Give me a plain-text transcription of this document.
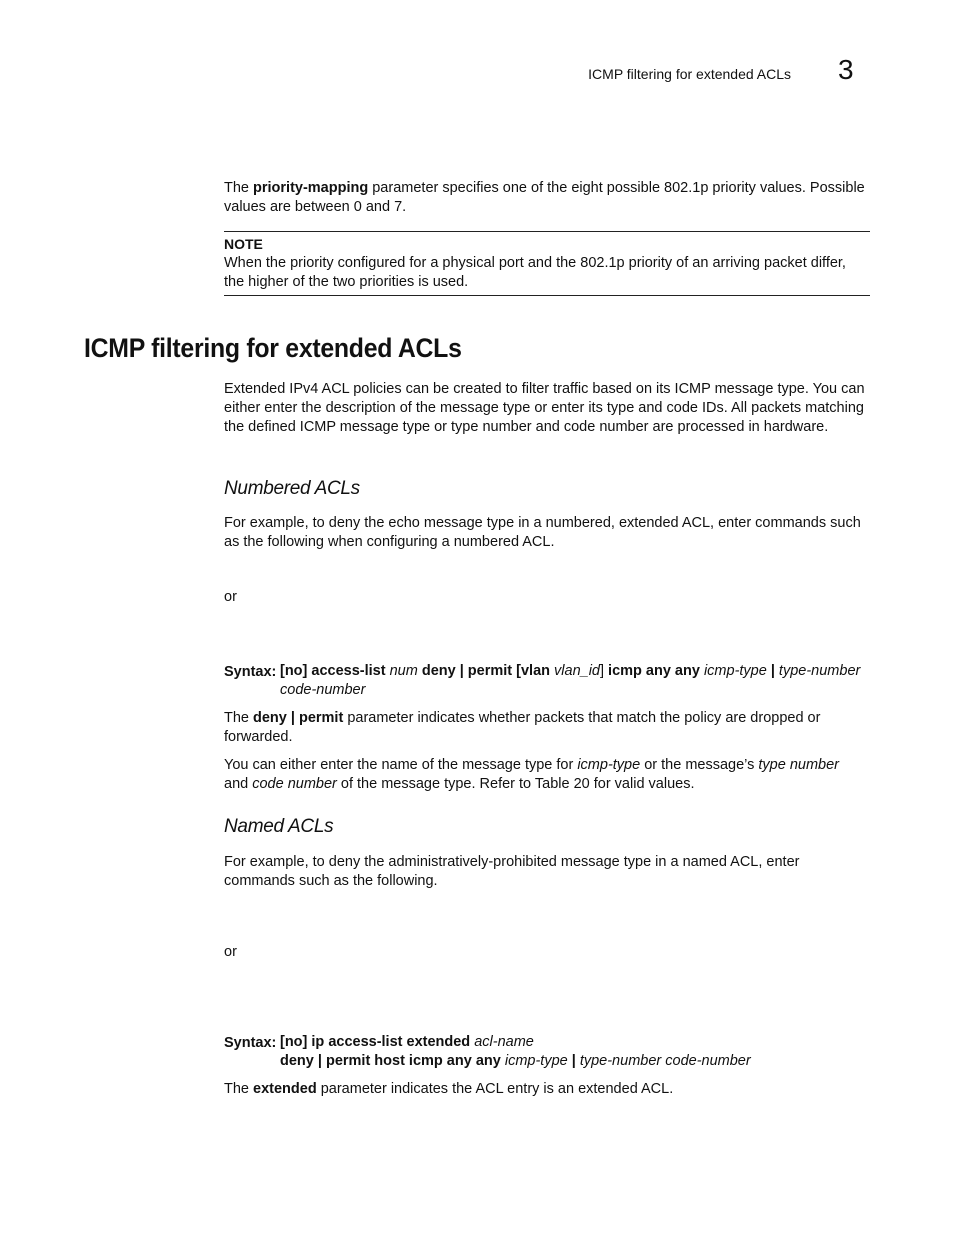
ICMP filtering for extended ACLs 3
The priority-mapping parameter specifies one of the eight possible 802.1p priority values. Possible values are between 0 and 7.
NOTE
When the priority configured for a physical port and the 802.1p priority of an arriving packet differ, the higher of the two priorities is used.
ICMP filtering for extended ACLs
Extended IPv4 ACL policies can be created to filter traffic based on its ICMP message type. You can either enter the description of the message type or enter its type and code IDs. All packets matching the defined ICMP message type or type number and code number are processed in hardware.
Numbered ACLs
For example, to deny the echo message type in a numbered, extended ACL, enter commands such as the following when configuring a numbered ACL.
or
Syntax: [no] access-list num deny | permit [vlan vlan_id] icmp any any icmp-type | type-number
code-number
The deny | permit parameter indicates whether packets that match the policy are dropped or forwarded.
You can either enter the name of the message type for icmp-type or the message’s type number
and code number of the message type. Refer to Table 20 for valid values.
Named ACLs
For example, to deny the administratively-prohibited message type in a named ACL, enter commands such as the following.
or
Syntax: [no] ip access-list extended acl-name
deny | permit host icmp any any icmp-type | type-number code-number
The extended parameter indicates the ACL entry is an extended ACL.
